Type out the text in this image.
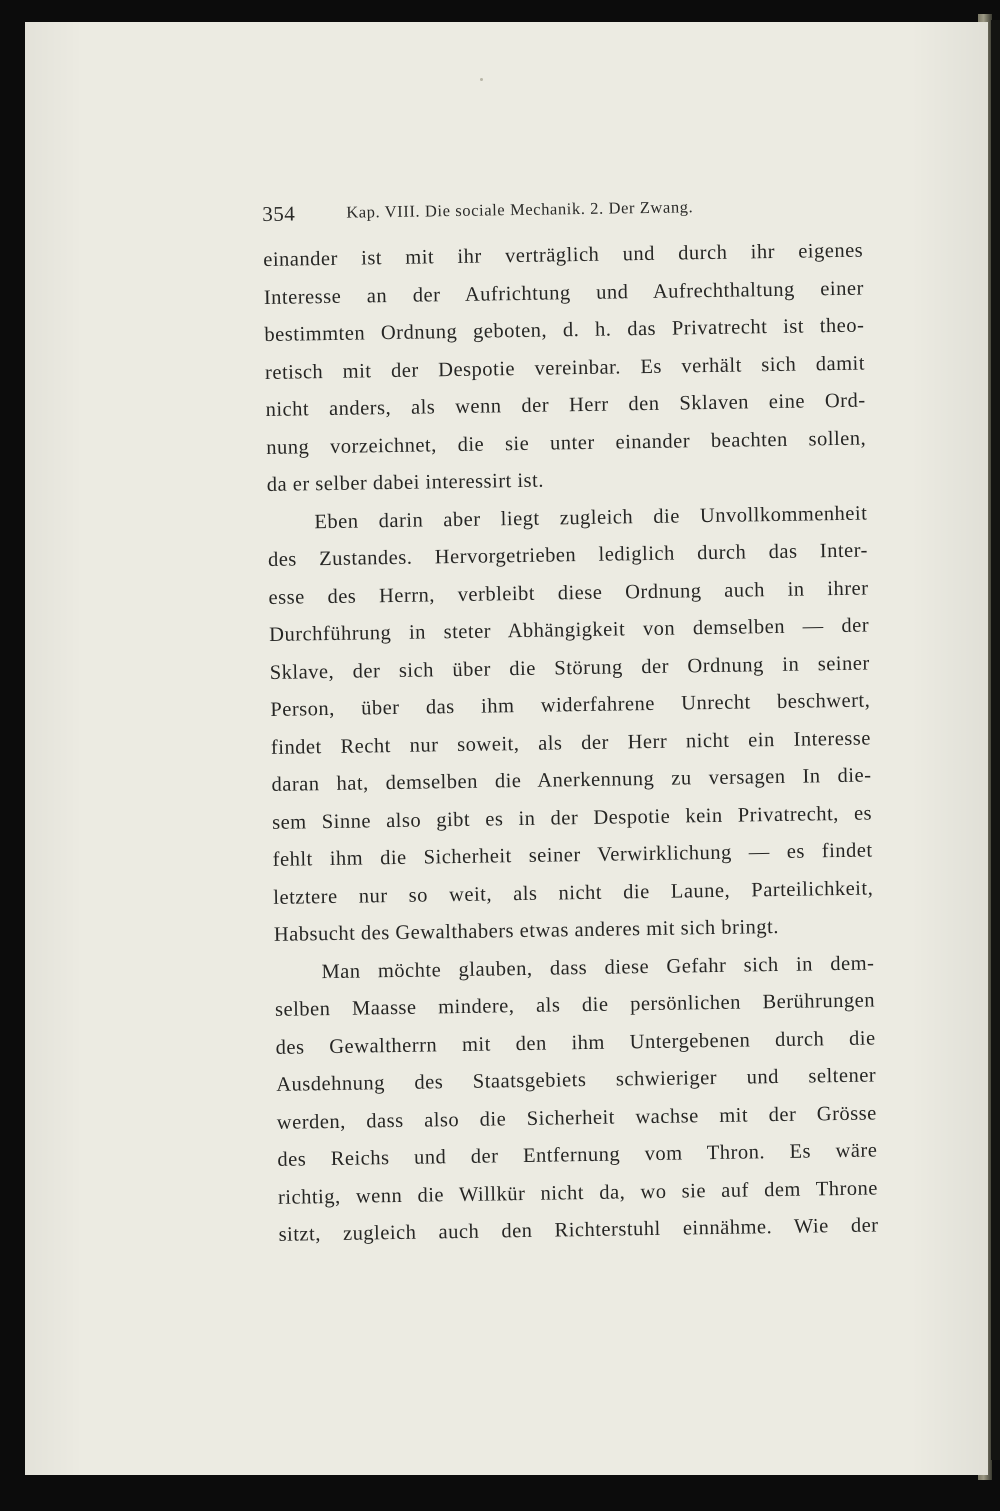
354	Kap. VIII. Die sociale Mechanik. 2. Der Zwang.
einander ist mit ihr verträglich und durch ihr eigenes
Interesse an der Aufrichtung und Aufrechthaltung einer
bestimmten Ordnung geboten, d. h. das Privatrecht ist theo-
retisch mit der Despotie vereinbar. Es verhält sich damit
nicht anders, als wenn der Herr den Sklaven eine Ord-
nung vorzeichnet, die sie unter einander beachten sollen,
da er selber dabei interessirt ist.
Eben darin aber liegt zugleich die Unvollkommenheit
des Zustandes. Hervorgetrieben lediglich durch das Inter-
esse des Herrn, verbleibt diese Ordnung auch in ihrer
Durchführung in steter Abhängigkeit von demselben — der
Sklave, der sich über die Störung der Ordnung in seiner
Person, über das ihm widerfahrene Unrecht beschwert,
findet Recht nur soweit, als der Herr nicht ein Interesse
daran hat, demselben die Anerkennung zu versagen In die-
sem Sinne also gibt es in der Despotie kein Privatrecht, es
fehlt ihm die Sicherheit seiner Verwirklichung — es findet
letztere nur so weit, als nicht die Laune, Parteilichkeit,
Habsucht des Gewalthabers etwas anderes mit sich bringt.
Man möchte glauben, dass diese Gefahr sich in dem-
selben Maasse mindere, als die persönlichen Berührungen
des Gewaltherrn mit den ihm Untergebenen durch die
Ausdehnung des Staatsgebiets schwieriger und seltener
werden, dass also die Sicherheit wachse mit der Grösse
des Reichs und der Entfernung vom Thron. Es wäre
richtig, wenn die Willkür nicht da, wo sie auf dem Throne
sitzt, zugleich auch den Richterstuhl einnähme. Wie der
